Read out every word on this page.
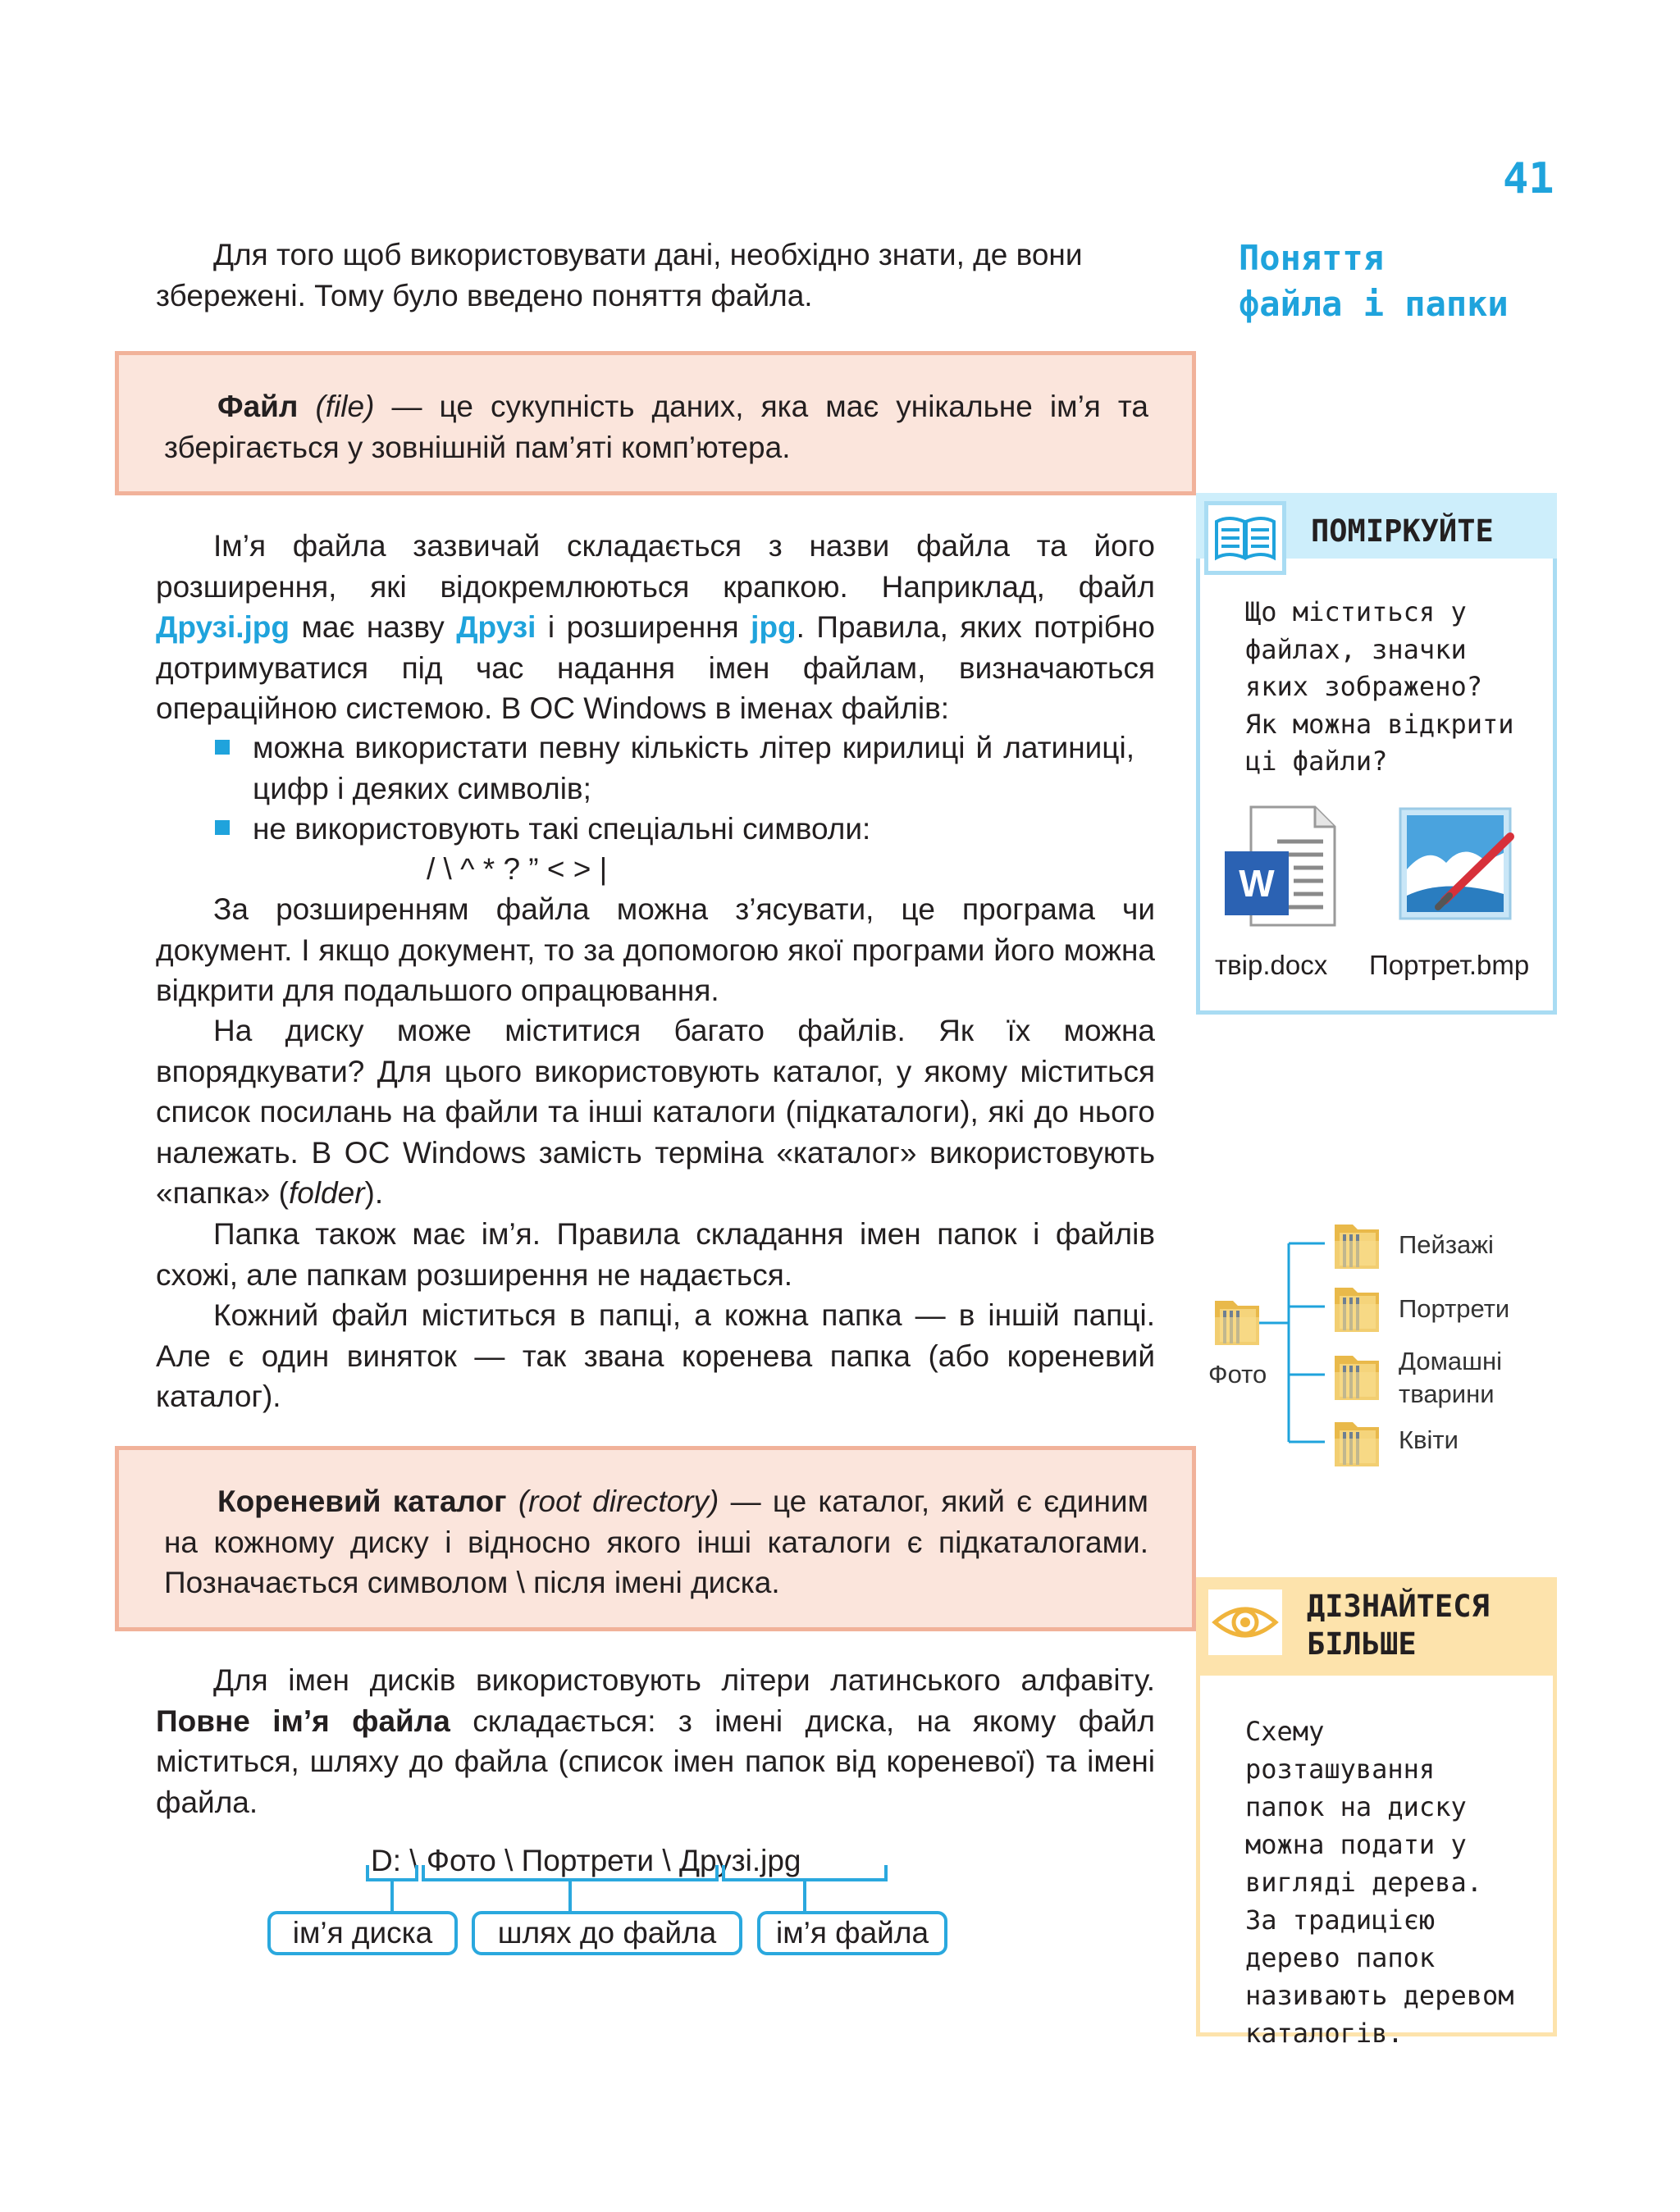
41
Поняття
файла і папки

Для того щоб використовувати дані, необхідно знати, де вони збережені. Тому було введено поняття файла.

Файл (file) — це сукупність даних, яка має унікальне ім’я та зберігається у зовнішній пам’яті комп’ютера.

Ім’я файла зазвичай складається з назви файла та його розширення, які відокремлюються крапкою. Наприклад, файл Друзі.jpg має назву Друзі і розширення jpg. Правила, яких потрібно дотримуватися під час надання імен файлам, визначаються операційною системою. В ОС Windows в іменах файлів:

можна використати певну кількість літер кирилиці й латиниці, цифр і деяких символів;

не використовують такі спеціальні символи:

/ \ ^ * ? ” < > |

За розширенням файла можна з’ясувати, це програма чи документ. І якщо документ, то за допомогою якої програми його можна відкрити для подальшого опрацювання.

На диску може міститися багато файлів. Як їх можна впорядкувати? Для цього використовують каталог, у якому міститься список посилань на файли та інші каталоги (підкаталоги), які до нього належать. В ОС Windows замість терміна «каталог» використовують «папка» (folder).

Папка також має ім’я. Правила складання імен папок і файлів схожі, але папкам розширення не надається.

Кожний файл міститься в папці, а кожна папка — в іншій папці. Але є один виняток — так звана коренева папка (або кореневий каталог).

Кореневий каталог (root directory) — це каталог, який є єдиним на кожному диску і відносно якого інші каталоги є підкаталогами. Позначається символом \ після імені диска.

Для імен дисків використовують літери латинського алфавіту. Повне ім’я файла складається: з імені диска, на якому файл міститься, шляху до файла (список імен папок від кореневої) та імені файла.

D: \ Фото \ Портрети \ Друзі.jpg
ім’я диска	шлях до файла	ім’я файла
ПОМІРКУЙТЕ
Що міститься у файлах, значки яких зображено? Як можна відкрити ці файли?
W
твір.docx Портрет.bmp
Фото
Пейзажі
Портрети
Домашні тварини
Квіти
ДІЗНАЙТЕСЯ БІЛЬШЕ
Схему розташування папок на диску можна подати у вигляді дерева. За традицією дерево папок називають деревом каталогів.
